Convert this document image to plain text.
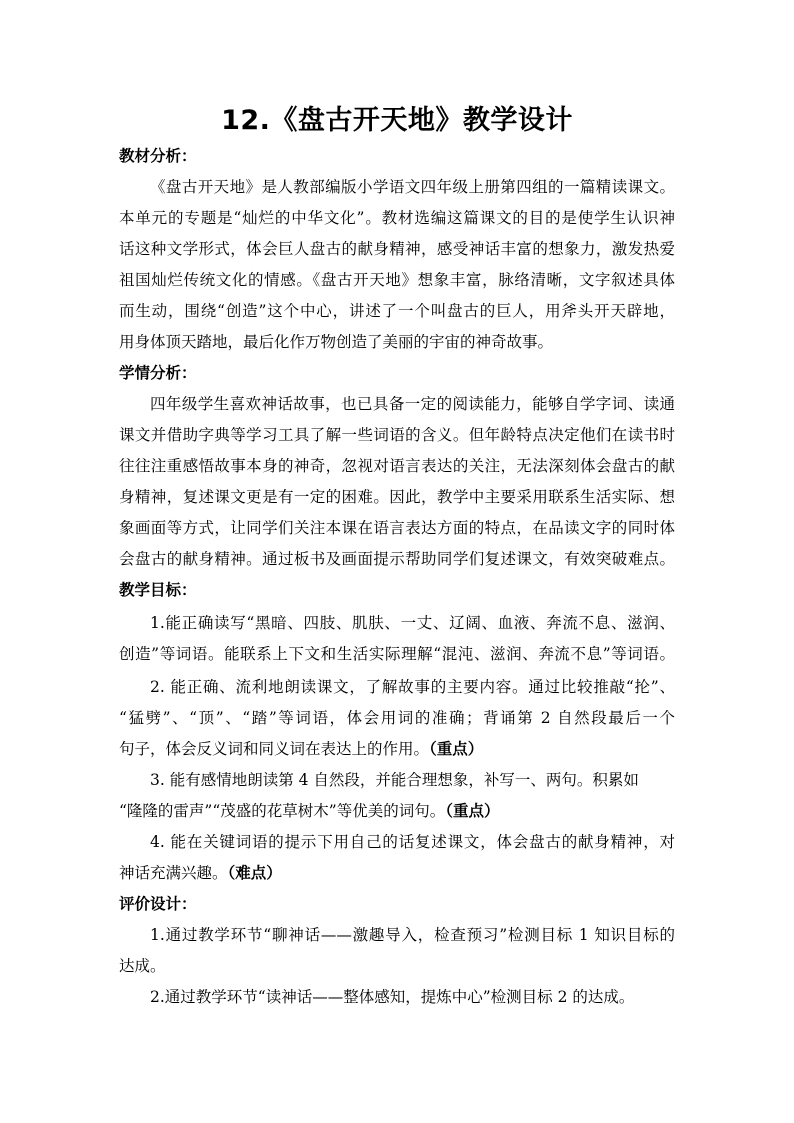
12.《盘古开天地》教学设计
教材分析：
《盘古开天地》是人教部编版小学语文四年级上册第四组的一篇精读课文。
本单元的专题是“灿烂的中华文化”。教材选编这篇课文的目的是使学生认识神
话这种文学形式，体会巨人盘古的献身精神，感受神话丰富的想象力，激发热爱
祖国灿烂传统文化的情感。《盘古开天地》想象丰富，脉络清晰，文字叙述具体
而生动，围绕“创造”这个中心，讲述了一个叫盘古的巨人，用斧头开天辟地，
用身体顶天踏地，最后化作万物创造了美丽的宇宙的神奇故事。
学情分析：
四年级学生喜欢神话故事，也已具备一定的阅读能力，能够自学字词、读通
课文并借助字典等学习工具了解一些词语的含义。但年龄特点决定他们在读书时
往往注重感悟故事本身的神奇，忽视对语言表达的关注，无法深刻体会盘古的献
身精神，复述课文更是有一定的困难。因此，教学中主要采用联系生活实际、想
象画面等方式，让同学们关注本课在语言表达方面的特点，在品读文字的同时体
会盘古的献身精神。通过板书及画面提示帮助同学们复述课文，有效突破难点。
教学目标：
1.能正确读写“黑暗、四肢、肌肤、一丈、辽阔、血液、奔流不息、滋润、
创造”等词语。能联系上下文和生活实际理解“混沌、滋润、奔流不息”等词语。
2. 能正确、流利地朗读课文，了解故事的主要内容。通过比较推敲“抡”、
“猛劈”、“顶”、“踏”等词语，体会用词的准确；背诵第 2 自然段最后一个
句子，体会反义词和同义词在表达上的作用。（重点）
3. 能有感情地朗读第 4 自然段，并能合理想象，补写一、两句。积累如
“隆隆的雷声”“茂盛的花草树木”等优美的词句。（重点）
4. 能在关键词语的提示下用自己的话复述课文，体会盘古的献身精神，对
神话充满兴趣。（难点）
评价设计：
1.通过教学环节“聊神话——激趣导入，检查预习”检测目标 1 知识目标的
达成。
2.通过教学环节“读神话——整体感知，提炼中心”检测目标 2 的达成。
